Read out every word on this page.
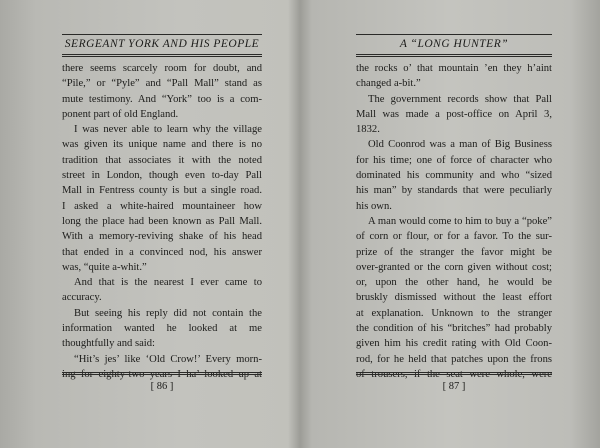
SERGEANT YORK AND HIS PEOPLE
there seems scarcely room for doubt, and
“Pile,” or “Pyle” and “Pall Mall” stand as
mute testimony. And “York” too is a com-
ponent part of old England.
I was never able to learn why the village
was given its unique name and there is no
tradition that associates it with the noted
street in London, though even to-day Pall
Mall in Fentress county is but a single road.
I asked a white-haired mountaineer how
long the place had been known as Pall Mall.
With a memory-reviving shake of his head
that ended in a convinced nod, his answer
was, “quite a-whit.”
And that is the nearest I ever came to
accuracy.
But seeing his reply did not contain the
information wanted he looked at me
thoughtfully and said:
“Hit’s jes’ like ‘Old Crow!’ Every morn-
ing for eighty-two years I ha’ looked up at
[ 86 ]
A “LONG HUNTER”
the rocks o’ that mountain ’en they h’aint
changed a-bit.”
The government records show that Pall
Mall was made a post-office on April 3,
1832.
Old Coonrod was a man of Big Business
for his time; one of force of character who
dominated his community and who “sized
his man” by standards that were peculiarly
his own.
A man would come to him to buy a “poke”
of corn or flour, or for a favor. To the sur-
prize of the stranger the favor might be
over-granted or the corn given without cost;
or, upon the other hand, he would be
bruskly dismissed without the least effort
at explanation. Unknown to the stranger
the condition of his “britches” had probably
given him his credit rating with Old Coon-
rod, for he held that patches upon the frons
of trousers, if the seat were whole, were
[ 87 ]
